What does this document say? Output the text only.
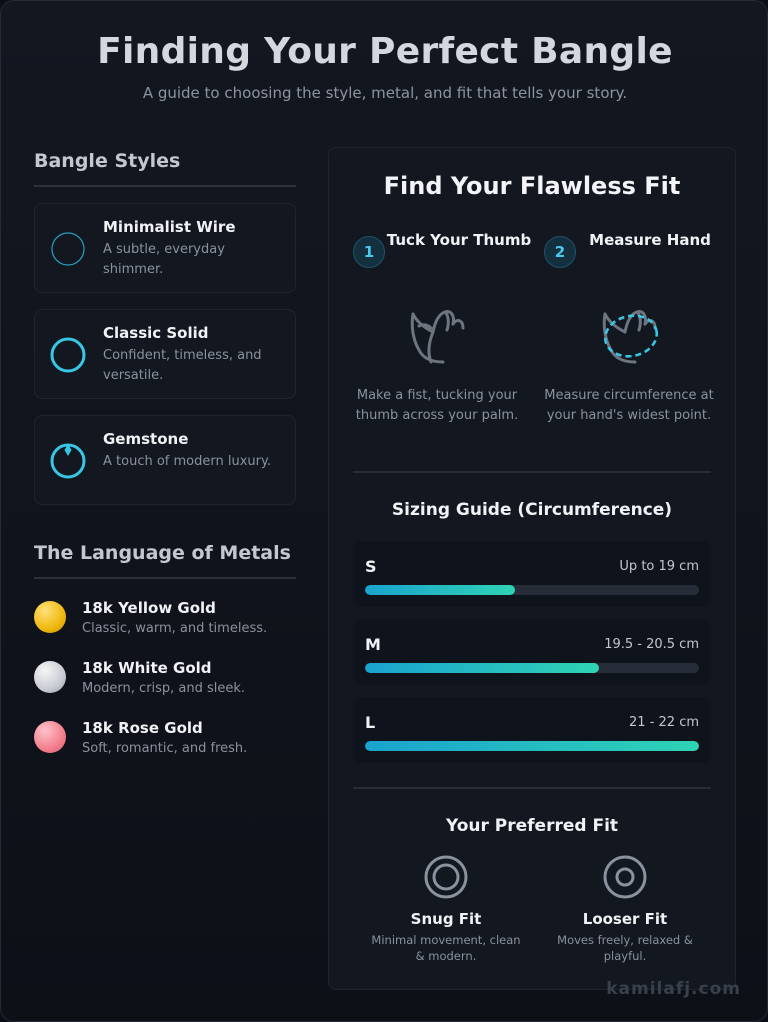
Finding Your Perfect Bangle
A guide to choosing the style, metal, and fit that tells your story.
Bangle Styles
Minimalist Wire
A subtle, everyday shimmer.
Classic Solid
Confident, timeless, and versatile.
Gemstone
A touch of modern luxury.
The Language of Metals
18k Yellow Gold
Classic, warm, and timeless.
18k White Gold
Modern, crisp, and sleek.
18k Rose Gold
Soft, romantic, and fresh.
Find Your Flawless Fit
1
Tuck Your Thumb
Make a fist, tucking your thumb across your palm.
2
Measure Hand
Measure circumference at your hand's widest point.
Sizing Guide (Circumference)
S	Up to 19 cm
M	19.5 - 20.5 cm
L	21 - 22 cm
Your Preferred Fit
Snug Fit
Minimal movement, clean & modern.
Looser Fit
Moves freely, relaxed & playful.
kamilafj.com
